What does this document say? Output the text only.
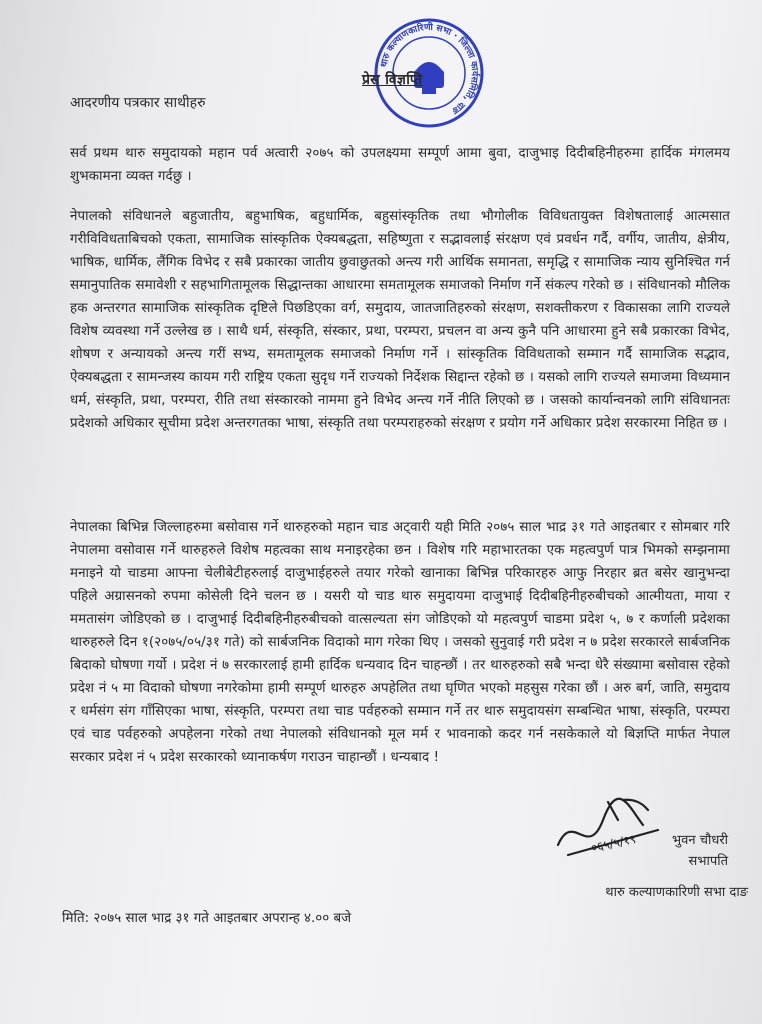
थारु कल्याणकारिणी सभा · जिल्ला कार्यसमिति, दाङ
प्रेस विज्ञप्ति
आदरणीय पत्रकार साथीहरु
सर्व प्रथम थारु समुदायको महान पर्व अत्वारी २०७५ को उपलक्ष्यमा सम्पूर्ण आमा बुवा, दाजुभाइ दिदीबहिनीहरुमा हार्दिक मंगलमय शुभकामना व्यक्त गर्दछु ।
नेपालको संविधानले बहुजातीय, बहुभाषिक, बहुधार्मिक, बहुसांस्कृतिक तथा भौगोलीक विविधतायुक्त विशेषतालाई आत्मसात गरीविविधताबिचको एकता, सामाजिक सांस्कृतिक ऐक्यबद्धता, सहिष्णुता र सद्भावलाई संरक्षण एवं प्रवर्धन गर्दै, वर्गीय, जातीय, क्षेत्रीय, भाषिक, धार्मिक, लैंगिक विभेद र सबै प्रकारका जातीय छुवाछुतको अन्त्य गरी आर्थिक समानता, समृद्धि र सामाजिक न्याय सुनिश्चित गर्न समानुपातिक समावेशी र सहभागितामूलक सिद्धान्तका आधारमा समतामूलक समाजको निर्माण गर्ने संकल्प गरेको छ । संविधानको मौलिक हक अन्तरगत सामाजिक सांस्कृतिक दृष्टिले पिछडिएका वर्ग, समुदाय, जातजातिहरुको संरक्षण, सशक्तीकरण र विकासका लागि राज्यले विशेष व्यवस्था गर्ने उल्लेख छ । साथै धर्म, संस्कृति, संस्कार, प्रथा, परम्परा, प्रचलन वा अन्य कुनै पनि आधारमा हुने सबै प्रकारका विभेद, शोषण र अन्यायको अन्त्य गरीं सभ्य, समतामूलक समाजको निर्माण गर्ने । सांस्कृतिक विविधताको सम्मान गर्दै सामाजिक सद्भाव, ऐक्यबद्धता र सामन्जस्य कायम गरी राष्ट्रिय एकता सुदृध गर्ने राज्यको निर्देशक सिद्दान्त रहेको छ । यसको लागि राज्यले समाजमा विध्यमान धर्म, संस्कृति, प्रथा, परम्परा, रीति तथा संस्कारको नाममा हुने विभेद अन्त्य गर्ने नीति लिएको छ । जसको कार्यान्वनको लागि संविधानतः प्रदेशको अधिकार सूचीमा प्रदेश अन्तरगतका भाषा, संस्कृति तथा परम्पराहरुको संरक्षण र प्रयोग गर्ने अधिकार प्रदेश सरकारमा निहित छ ।
नेपालका बिभिन्न जिल्लाहरुमा बसोवास गर्ने थारुहरुको महान चाड अट्वारी यही मिति २०७५ साल भाद्र ३१ गते आइतबार र सोमबार गरि नेपालमा वसोवास गर्ने थारुहरुले विशेष महत्वका साथ मनाइरहेका छन । विशेष गरि महाभारतका एक महत्वपुर्ण पात्र भिमको सम्झनामा मनाइने यो चाडमा आफ्ना चेलीबेटीहरुलाई दाजुभाईहरुले तयार गरेको खानाका बिभिन्न परिकारहरु आफु निरहार ब्रत बसेर खानुभन्दा पहिले अग्रासनको रुपमा कोसेली दिने चलन छ । यसरी यो चाड थारु समुदायमा दाजुभाई दिदीबहिनीहरुबीचको आत्मीयता, माया र ममतासंग जोडिएको छ । दाजुभाई दिदीबहिनीहरुबीचको वात्सल्यता संग जोडिएको यो महत्वपुर्ण चाडमा प्रदेश ५, ७ र कर्णाली प्रदेशका थारुहरुले दिन १(२०७५/०५/३१ गते) को सार्बजनिक विदाको माग गरेका थिए । जसको सुनुवाई गरी प्रदेश न ७ प्रदेश सरकारले सार्बजनिक बिदाको घोषणा गर्यो । प्रदेश नं ७ सरकारलाई हामी हार्दिक धन्यवाद दिन चाहन्छौं । तर थारुहरुको सबै भन्दा धेरै संख्यामा बसोवास रहेको प्रदेश नं ५ मा विदाको घोषणा नगरेकोमा हामी सम्पूर्ण थारुहरु अपहेलित तथा घृणित भएको महसुस गरेका छौं । अरु बर्ग, जाति, समुदाय र धर्मसंग संग गाँसिएका भाषा, संस्कृति, परम्परा तथा चाड पर्वहरुको सम्मान गर्ने तर थारु समुदायसंग सम्बन्धित भाषा, संस्कृति, परम्परा एवं चाड पर्वहरुको अपहेलना गरेको तथा नेपालको संविधानको मूल मर्म र भावनाको कदर गर्न नसकेकाले यो बिज्ञप्ति मार्फत नेपाल सरकार प्रदेश नं ५ प्रदेश सरकारको ध्यानाकर्षण गराउन चाहान्छौं । धन्यबाद !
०६५/५/१९	भुवन चौधरी
सभापति
थारु कल्याणकारिणी सभा दाङ
मिति: २०७५ साल भाद्र ३१ गते आइतबार अपरान्ह ४.०० बजे
